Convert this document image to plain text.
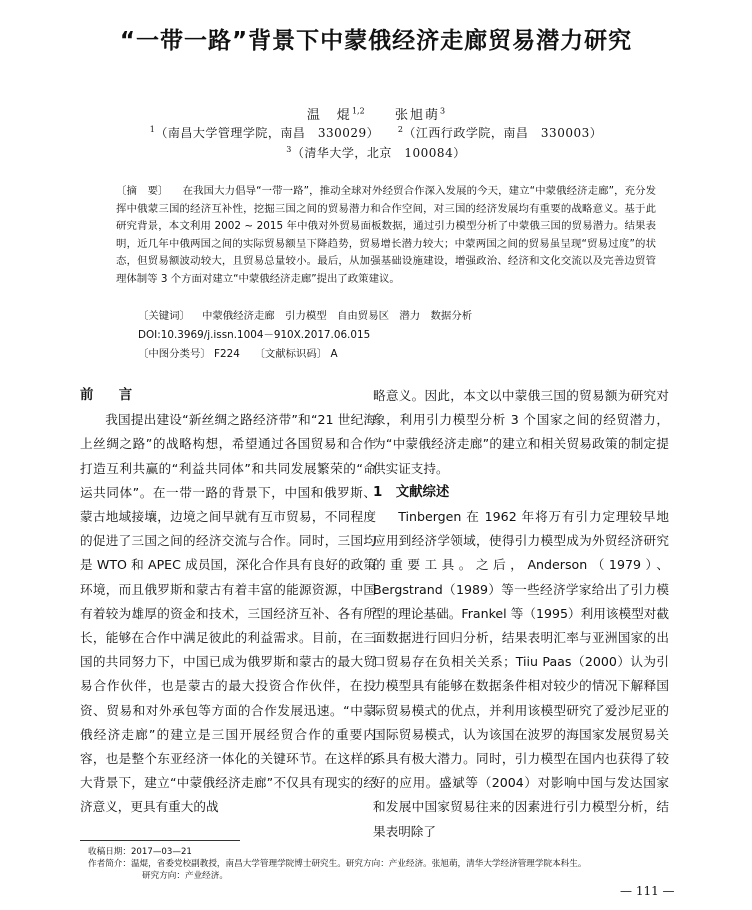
“一带一路”背景下中蒙俄经济走廊贸易潜力研究
温　焜$^{1,2}$ 张旭萌$^3$
$^1$（南昌大学管理学院，南昌　330029） $^2$（江西行政学院，南昌　330003）
$^3$（清华大学，北京　100084）
〔摘　要〕 在我国大力倡导“一带一路”，推动全球对外经贸合作深入发展的今天，建立“中蒙俄经济走廊”，充分发挥中俄蒙三国的经济互补性，挖掘三国之间的贸易潜力和合作空间，对三国的经济发展均有重要的战略意义。基于此研究背景，本文利用 2002 ~ 2015 年中俄对外贸易面板数据，通过引力模型分析了中蒙俄三国的贸易潜力。结果表明，近几年中俄两国之间的实际贸易额呈下降趋势，贸易增长潜力较大；中蒙两国之间的贸易虽呈现“贸易过度”的状态，但贸易额波动较大，且贸易总量较小。最后，从加强基础设施建设，增强政治、经济和文化交流以及完善边贸管理体制等 3 个方面对建立“中蒙俄经济走廊”提出了政策建议。
〔关键词〕 中蒙俄经济走廊　引力模型　自由贸易区　潜力　数据分析
DOI:10.3969/j.issn.1004－910X.2017.06.015
〔中图分类号〕 F224 〔文献标识码〕 A

前　言

我国提出建设“新丝绸之路经济带”和“21 世纪海上丝绸之路”的战略构想，希望通过各国贸易和合作打造互利共赢的“利益共同体”和共同发展繁荣的“命运共同体”。在一带一路的背景下，中国和俄罗斯、蒙古地域接壤，边境之间早就有互市贸易，不同程度的促进了三国之间的经济交流与合作。同时，三国均是 WTO 和 APEC 成员国，深化合作具有良好的政策环境，而且俄罗斯和蒙古有着丰富的能源资源，中国有着较为雄厚的资金和技术，三国经济互补、各有所长，能够在合作中满足彼此的利益需求。目前，在三国的共同努力下，中国已成为俄罗斯和蒙古的最大贸易合作伙伴，也是蒙古的最大投资合作伙伴，在投资、贸易和对外承包等方面的合作发展迅速。“中蒙俄经济走廊”的建立是三国开展经贸合作的重要内容，也是整个东亚经济一体化的关键环节。在这样的大背景下，建立“中蒙俄经济走廊”不仅具有现实的经济意义，更具有重大的战

略意义。因此，本文以中蒙俄三国的贸易额为研究对象，利用引力模型分析 3 个国家之间的经贸潜力，为“中蒙俄经济走廊”的建立和相关贸易政策的制定提供实证支持。

1　文献综述

Tinbergen 在 1962 年将万有引力定理较早地应用到经济学领域，使得引力模型成为外贸经济研究的重要工具。之后，Anderson（1979）、Bergstrand（1989）等一些经济学家给出了引力模型的理论基础。Frankel 等（1995）利用该模型对截面数据进行回归分析，结果表明汇率与亚洲国家的出口贸易存在负相关关系；Tiiu Paas（2000）认为引力模型具有能够在数据条件相对较少的情况下解释国际贸易模式的优点，并利用该模型研究了爱沙尼亚的国际贸易模式，认为该国在波罗的海国家发展贸易关系具有极大潜力。同时，引力模型在国内也获得了较好的应用。盛斌等（2004）对影响中国与发达国家和发展中国家贸易往来的因素进行引力模型分析，结果表明除了

收稿日期：2017—03—21
作者简介：温焜，省委党校副教授，南昌大学管理学院博士研究生。研究方向：产业经济。张旭萌，清华大学经济管理学院本科生。
研究方向：产业经济。
— 111 —
